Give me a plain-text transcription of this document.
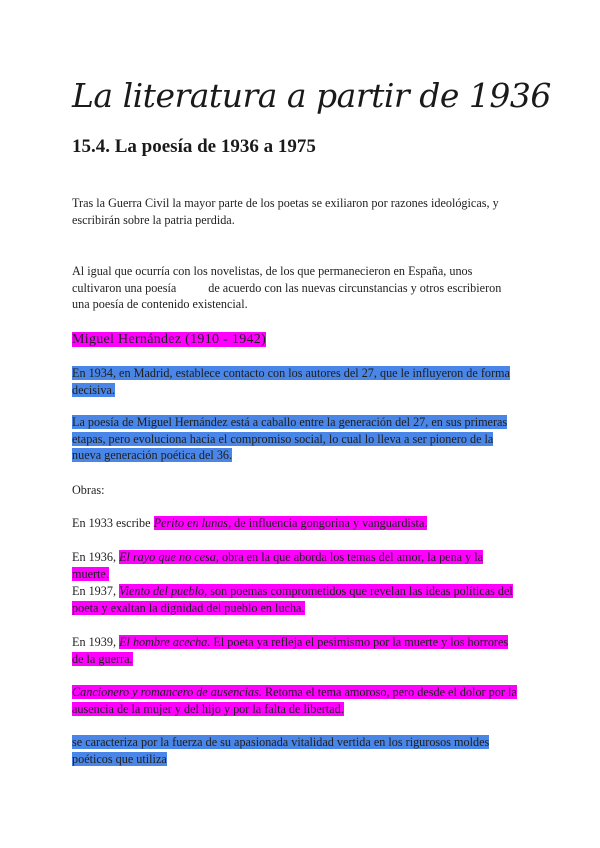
La literatura a partir de 1936
15.4. La poesía de 1936 a 1975
Tras la Guerra Civil la mayor parte de los poetas se exiliaron por razones ideológicas, y escribirán sobre la patria perdida.
Al igual que ocurría con los novelistas, de los que permanecieron en España, unos cultivaron una poesía	de acuerdo con las nuevas circunstancias y otros escribieron una poesía de contenido existencial.
Miguel Hernández (1910 - 1942)
En 1934, en Madrid, establece contacto con los autores del 27, que le influyeron de forma decisiva.
La poesía de Miguel Hernández está a caballo entre la generación del 27, en sus primeras etapas, pero evoluciona hacia el compromiso social, lo cual lo lleva a ser pionero de la nueva generación poética del 36.
Obras:
En 1933 escribe Perito en lunas, de influencia gongorina y vanguardista.
En 1936, El rayo que no cesa, obra en la que aborda los temas del amor, la pena y la muerte.
En 1937, Viento del pueblo, son poemas comprometidos que revelan las ideas políticas del poeta y exaltan la dignidad del pueblo en lucha.
En 1939, El hombre acecha. El poeta ya refleja el pesimismo por la muerte y los horrores de la guerra.
Cancionero y romancero de ausencias. Retoma el tema amoroso, pero desde el dolor por la ausencia de la mujer y del hijo y por la falta de libertad.
se caracteriza por la fuerza de su apasionada vitalidad vertida en los rigurosos moldes poéticos que utiliza
